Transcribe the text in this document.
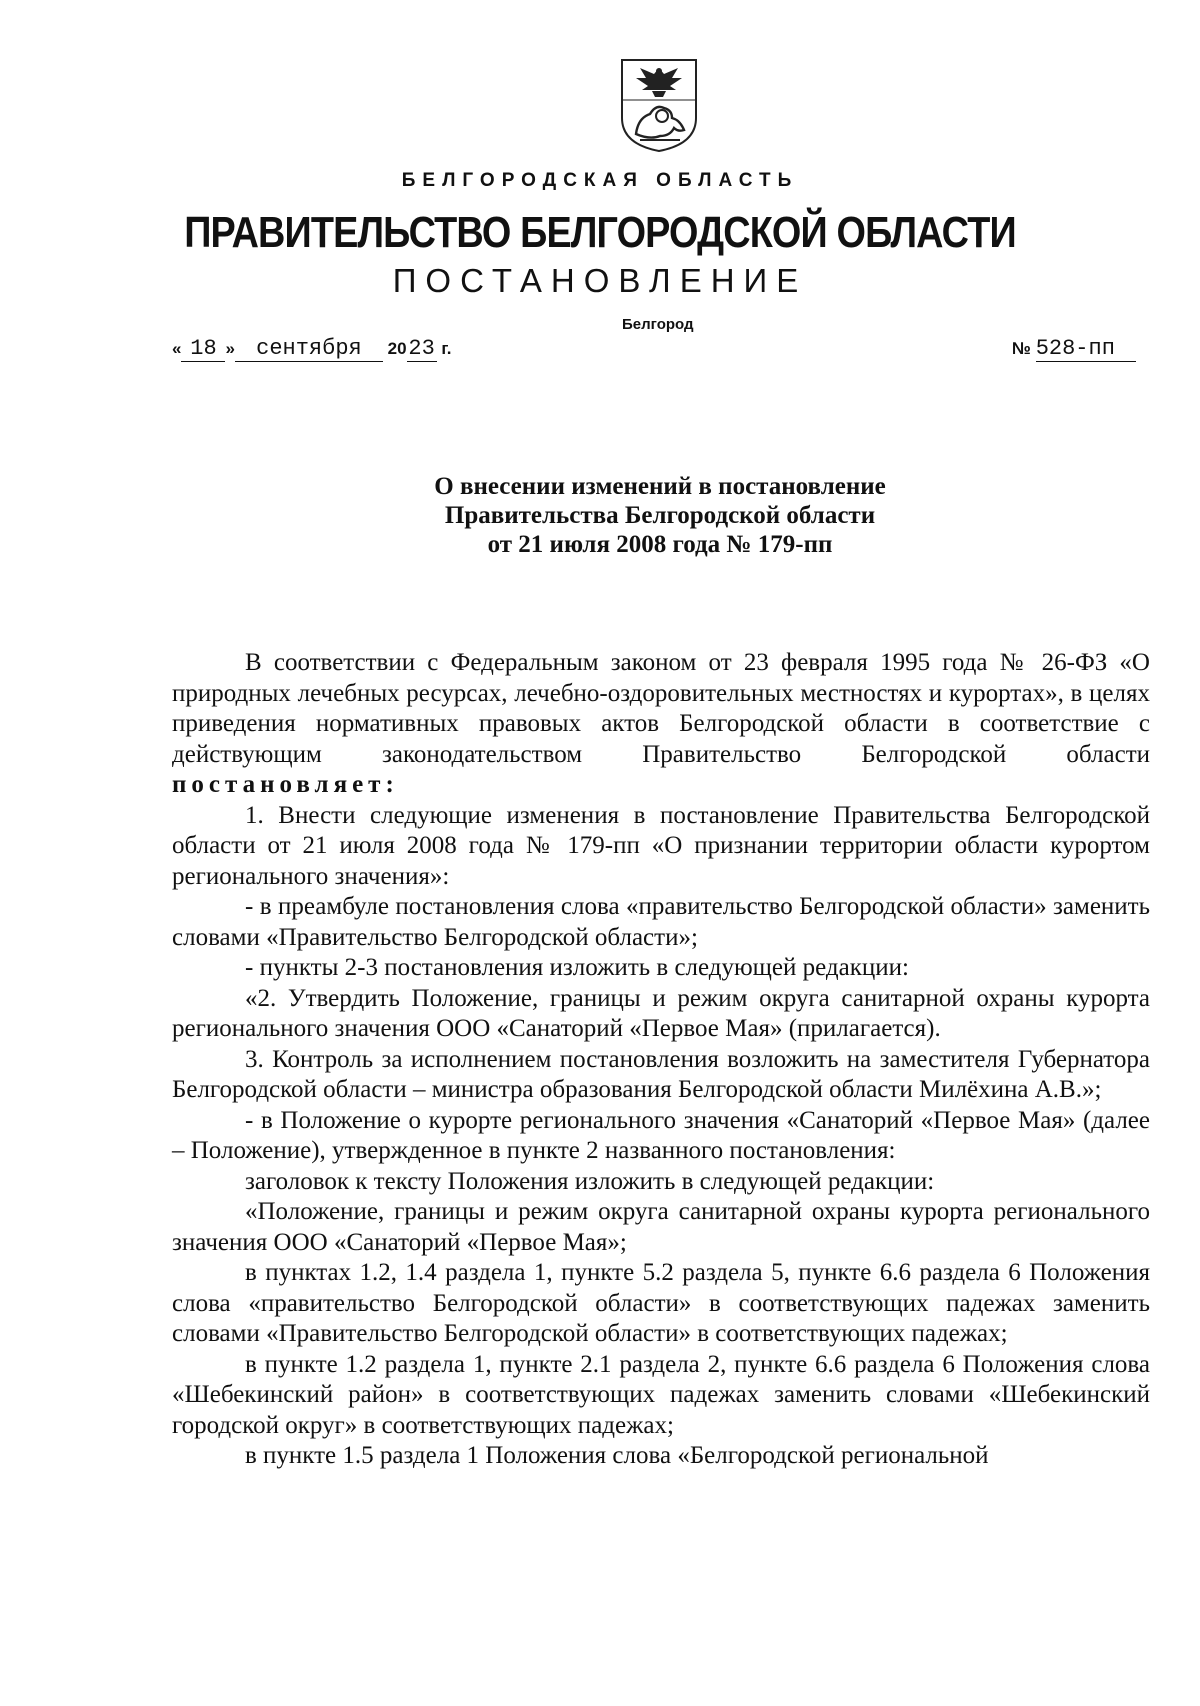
БЕЛГОРОДСКАЯ ОБЛАСТЬ
ПРАВИТЕЛЬСТВО БЕЛГОРОДСКОЙ ОБЛАСТИ
ПОСТАНОВЛЕНИЕ
Белгород
« 18 » сентября 2023 г.	№ 528-пп
О внесении изменений в постановление
Правительства Белгородской области
от 21 июля 2008 года № 179-пп

В соответствии с Федеральным законом от 23 февраля 1995 года № 26-ФЗ «О природных лечебных ресурсах, лечебно-оздоровительных местностях и курортах», в целях приведения нормативных правовых актов Белгородской области в соответствие с действующим законодательством Правительство Белгородской области постановляет:

1. Внести следующие изменения в постановление Правительства Белгородской области от 21 июля 2008 года № 179-пп «О признании территории области курортом регионального значения»:

- в преамбуле постановления слова «правительство Белгородской области» заменить словами «Правительство Белгородской области»;

- пункты 2-3 постановления изложить в следующей редакции:

«2. Утвердить Положение, границы и режим округа санитарной охраны курорта регионального значения ООО «Санаторий «Первое Мая» (прилагается).

3. Контроль за исполнением постановления возложить на заместителя Губернатора Белгородской области – министра образования Белгородской области Милёхина А.В.»;

- в Положение о курорте регионального значения «Санаторий «Первое Мая» (далее – Положение), утвержденное в пункте 2 названного постановления:

заголовок к тексту Положения изложить в следующей редакции:

«Положение, границы и режим округа санитарной охраны курорта регионального значения ООО «Санаторий «Первое Мая»;

в пунктах 1.2, 1.4 раздела 1, пункте 5.2 раздела 5, пункте 6.6 раздела 6 Положения слова «правительство Белгородской области» в соответствующих падежах заменить словами «Правительство Белгородской области» в соответствующих падежах;

в пункте 1.2 раздела 1, пункте 2.1 раздела 2, пункте 6.6 раздела 6 Положения слова «Шебекинский район» в соответствующих падежах заменить словами «Шебекинский городской округ» в соответствующих падежах;

в пункте 1.5 раздела 1 Положения слова «Белгородской региональной
